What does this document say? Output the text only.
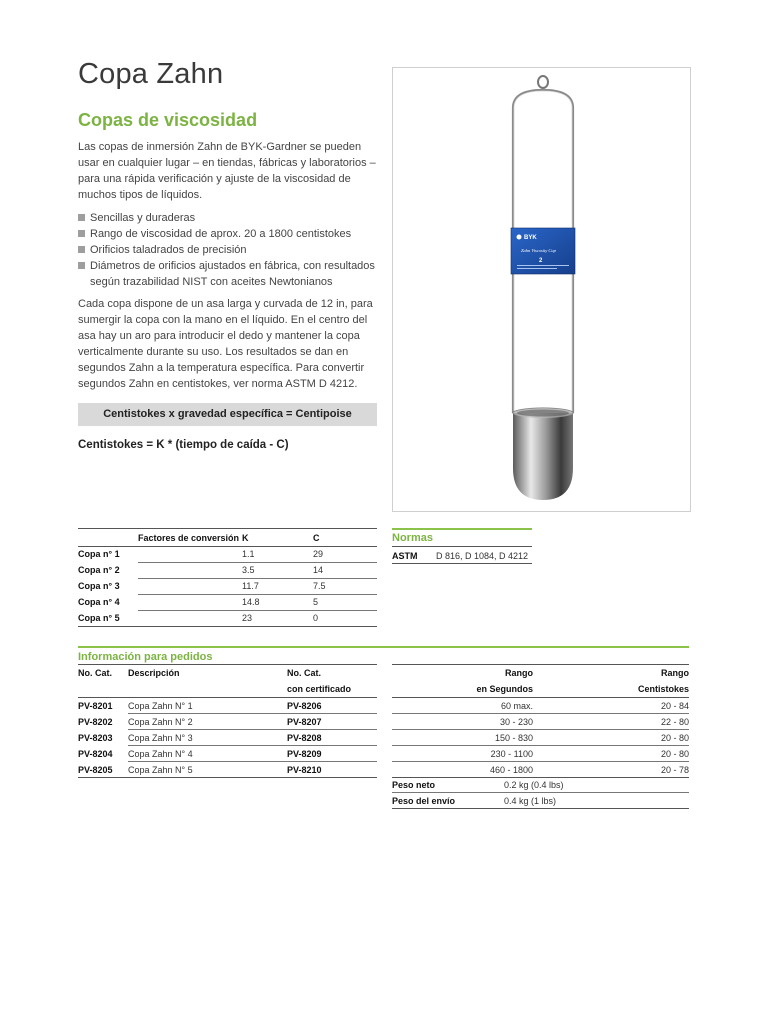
Copa Zahn
Copas de viscosidad
Las copas de inmersión Zahn de BYK-Gardner se pueden usar en cualquier lugar – en tiendas, fábricas y laboratorios – para una rápida verificación y ajuste de la viscosidad de muchos tipos de líquidos.
Sencillas y duraderas
Rango de viscosidad de aprox. 20 a 1800 centistokes
Orificios taladrados de precisión
Diámetros de orificios ajustados en fábrica, con resultados según trazabilidad NIST con aceites Newtonianos
Cada copa dispone de un asa larga y curvada de 12 in, para sumergir la copa con la mano en el líquido. En el centro del asa hay un aro para introducir el dedo y mantener la copa verticalmente durante su uso. Los resultados se dan en segundos Zahn a la temperatura específica. Para convertir segundos Zahn en centistokes, ver norma ASTM D 4212.
Centistokes x gravedad específica = Centipoise
Centistokes = K * (tiempo de caída - C)
BYK
Zahn Viscosity Cup
2
Factores de conversión K	C
Copa n° 1	1.1	29
Copa n° 2	3.5	14
Copa n° 3	11.7	7.5
Copa n° 4	14.8	5
Copa n° 5	23	0
Normas
ASTM D 816, D 1084, D 4212
Información para pedidos
No. Cat. Descripción	No. Cat.	Rango	Rango
con certificado	en Segundos	Centistokes
PV-8201 Copa Zahn N° 1	PV-8206	60 max.	20 - 84
PV-8202 Copa Zahn N° 2	PV-8207	30 - 230	22 - 80
PV-8203 Copa Zahn N° 3	PV-8208	150 - 830	20 - 80
PV-8204 Copa Zahn N° 4	PV-8209	230 - 1100	20 - 80
PV-8205 Copa Zahn N° 5	PV-8210	460 - 1800	20 - 78
Peso neto	0.2 kg (0.4 lbs)
Peso del envío	0.4 kg (1 lbs)
